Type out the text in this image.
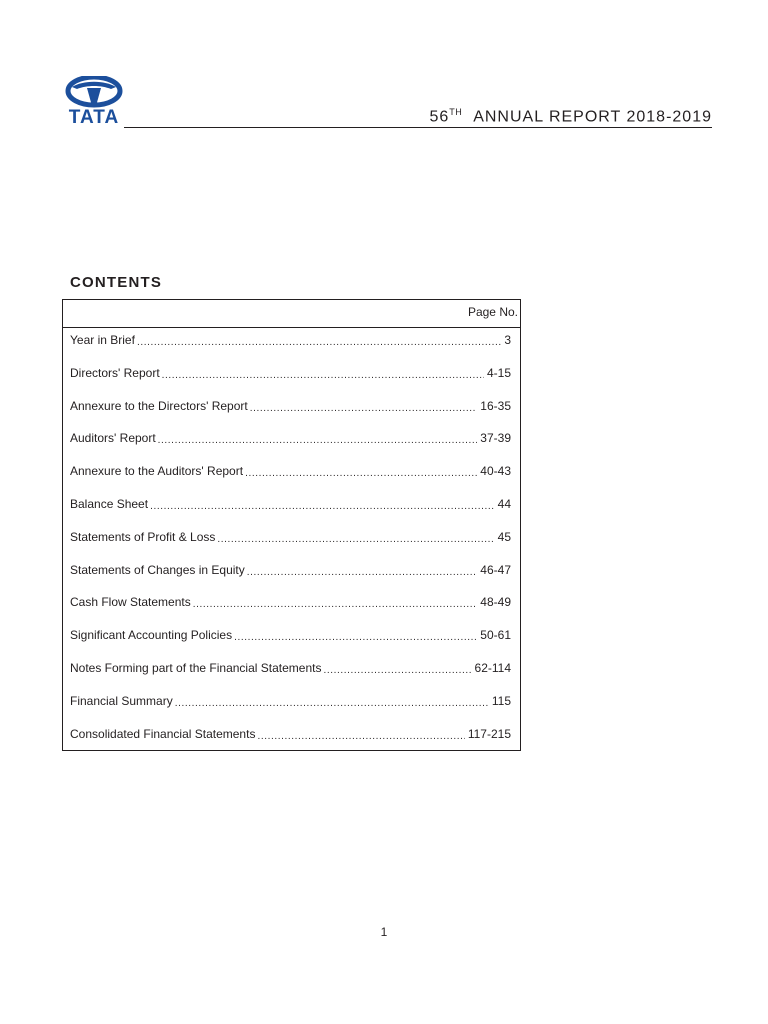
TATA	56TH ANNUAL REPORT 2018-2019
CONTENTS
Page No.
Year in Brief .....	3
Directors' Report .....	4-15
Annexure to the Directors' Report .....	16-35
Auditors' Report .....	37-39
Annexure to the Auditors' Report .....	40-43
Balance Sheet .....	44
Statements of Profit & Loss .....	45
Statements of Changes in Equity .....	46-47
Cash Flow Statements .....	48-49
Significant Accounting Policies .....	50-61
Notes Forming part of the Financial Statements .....	62-114
Financial Summary .....	115
Consolidated Financial Statements .....	117-215
1
